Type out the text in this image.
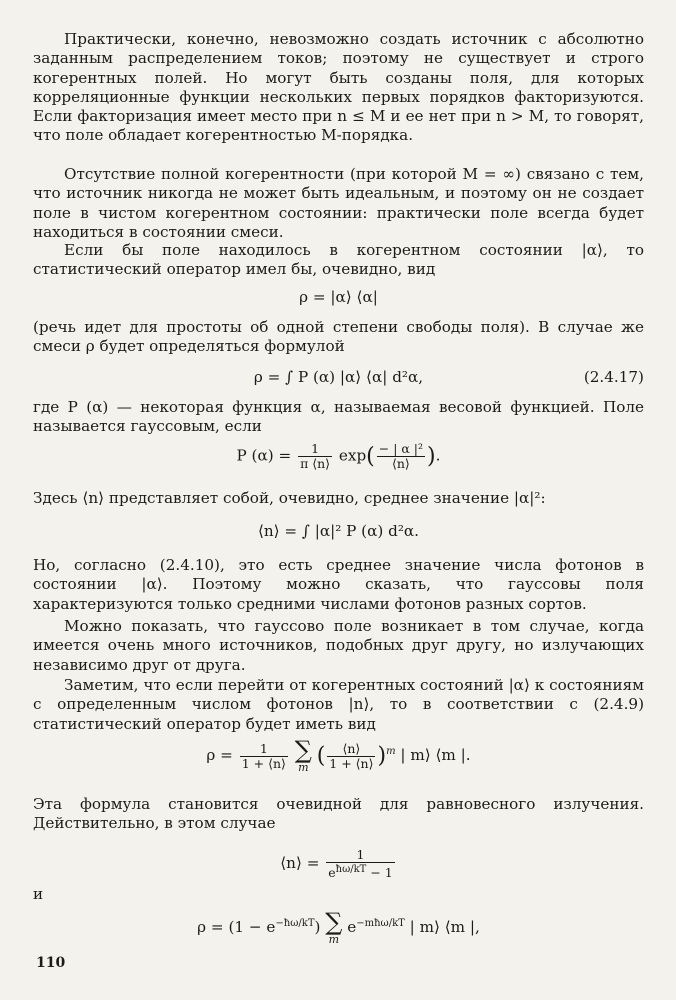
Практически, конечно, невозможно создать источник с абсолютно заданным распределением токов; поэтому не существует и строго когерентных полей. Но могут быть созданы поля, для которых корреляционные функции нескольких первых порядков факторизуются. Если факторизация имеет место при n ≤ M и ее нет при n > M, то говорят, что поле обладает когерентностью M-порядка.

Отсутствие полной когерентности (при которой M = ∞) связано с тем, что источник никогда не может быть идеальным, и поэтому он не создает поле в чистом когерентном состоянии: практически поле всегда будет находиться в состоянии смеси.

Если бы поле находилось в когерентном состоянии |α⟩, то статистический оператор имел бы, очевидно, вид

ρ = |α⟩ ⟨α|

(речь идет для простоты об одной степени свободы поля). В случае же смеси ρ будет определяться формулой

ρ = ∫ P (α) |α⟩ ⟨α| d²α,	(2.4.17)

где P (α) — некоторая функция α, называемая весовой функцией. Поле называется гауссовым, если

P $(\alpha) = \frac{1}{\pi ⟨n⟩} \exp( \frac{\text{− | α |²}}{⟨n⟩}$ ).

Здесь ⟨n⟩ представляет собой, очевидно, среднее значение |α|²:

⟨n⟩ = ∫ |α|² P (α) d²α.

Но, согласно (2.4.10), это есть среднее значение числа фотонов в состоянии |α⟩. Поэтому можно сказать, что гауссовы поля характеризуются только средними числами фотонов разных сортов.

Можно показать, что гауссово поле возникает в том случае, когда имеется очень много источников, подобных друг другу, но излучающих независимо друг от друга.

Заметим, что если перейти от когерентных состояний |α⟩ к состояниям с определенным числом фотонов |n⟩, то в соответствии с (2.4.9) статистический оператор будет иметь вид

$\rho = \frac{1}{1 + ⟨n⟩}$
∑
m ( $\frac{⟨n⟩}{1 + ⟨n⟩} )^m$ | m⟩ ⟨m |.

Эта формула становится очевидной для равновесного излучения. Действительно, в этом случае

⟨n⟩ = $\frac{1}{e^{ħ\omega/kT} - 1}$
и
$\rho = (1 - e^{-ħ\omega/kT})$ ∑
m
$e^{-mħ\omega/kT}$ | m⟩ ⟨m |,
110
